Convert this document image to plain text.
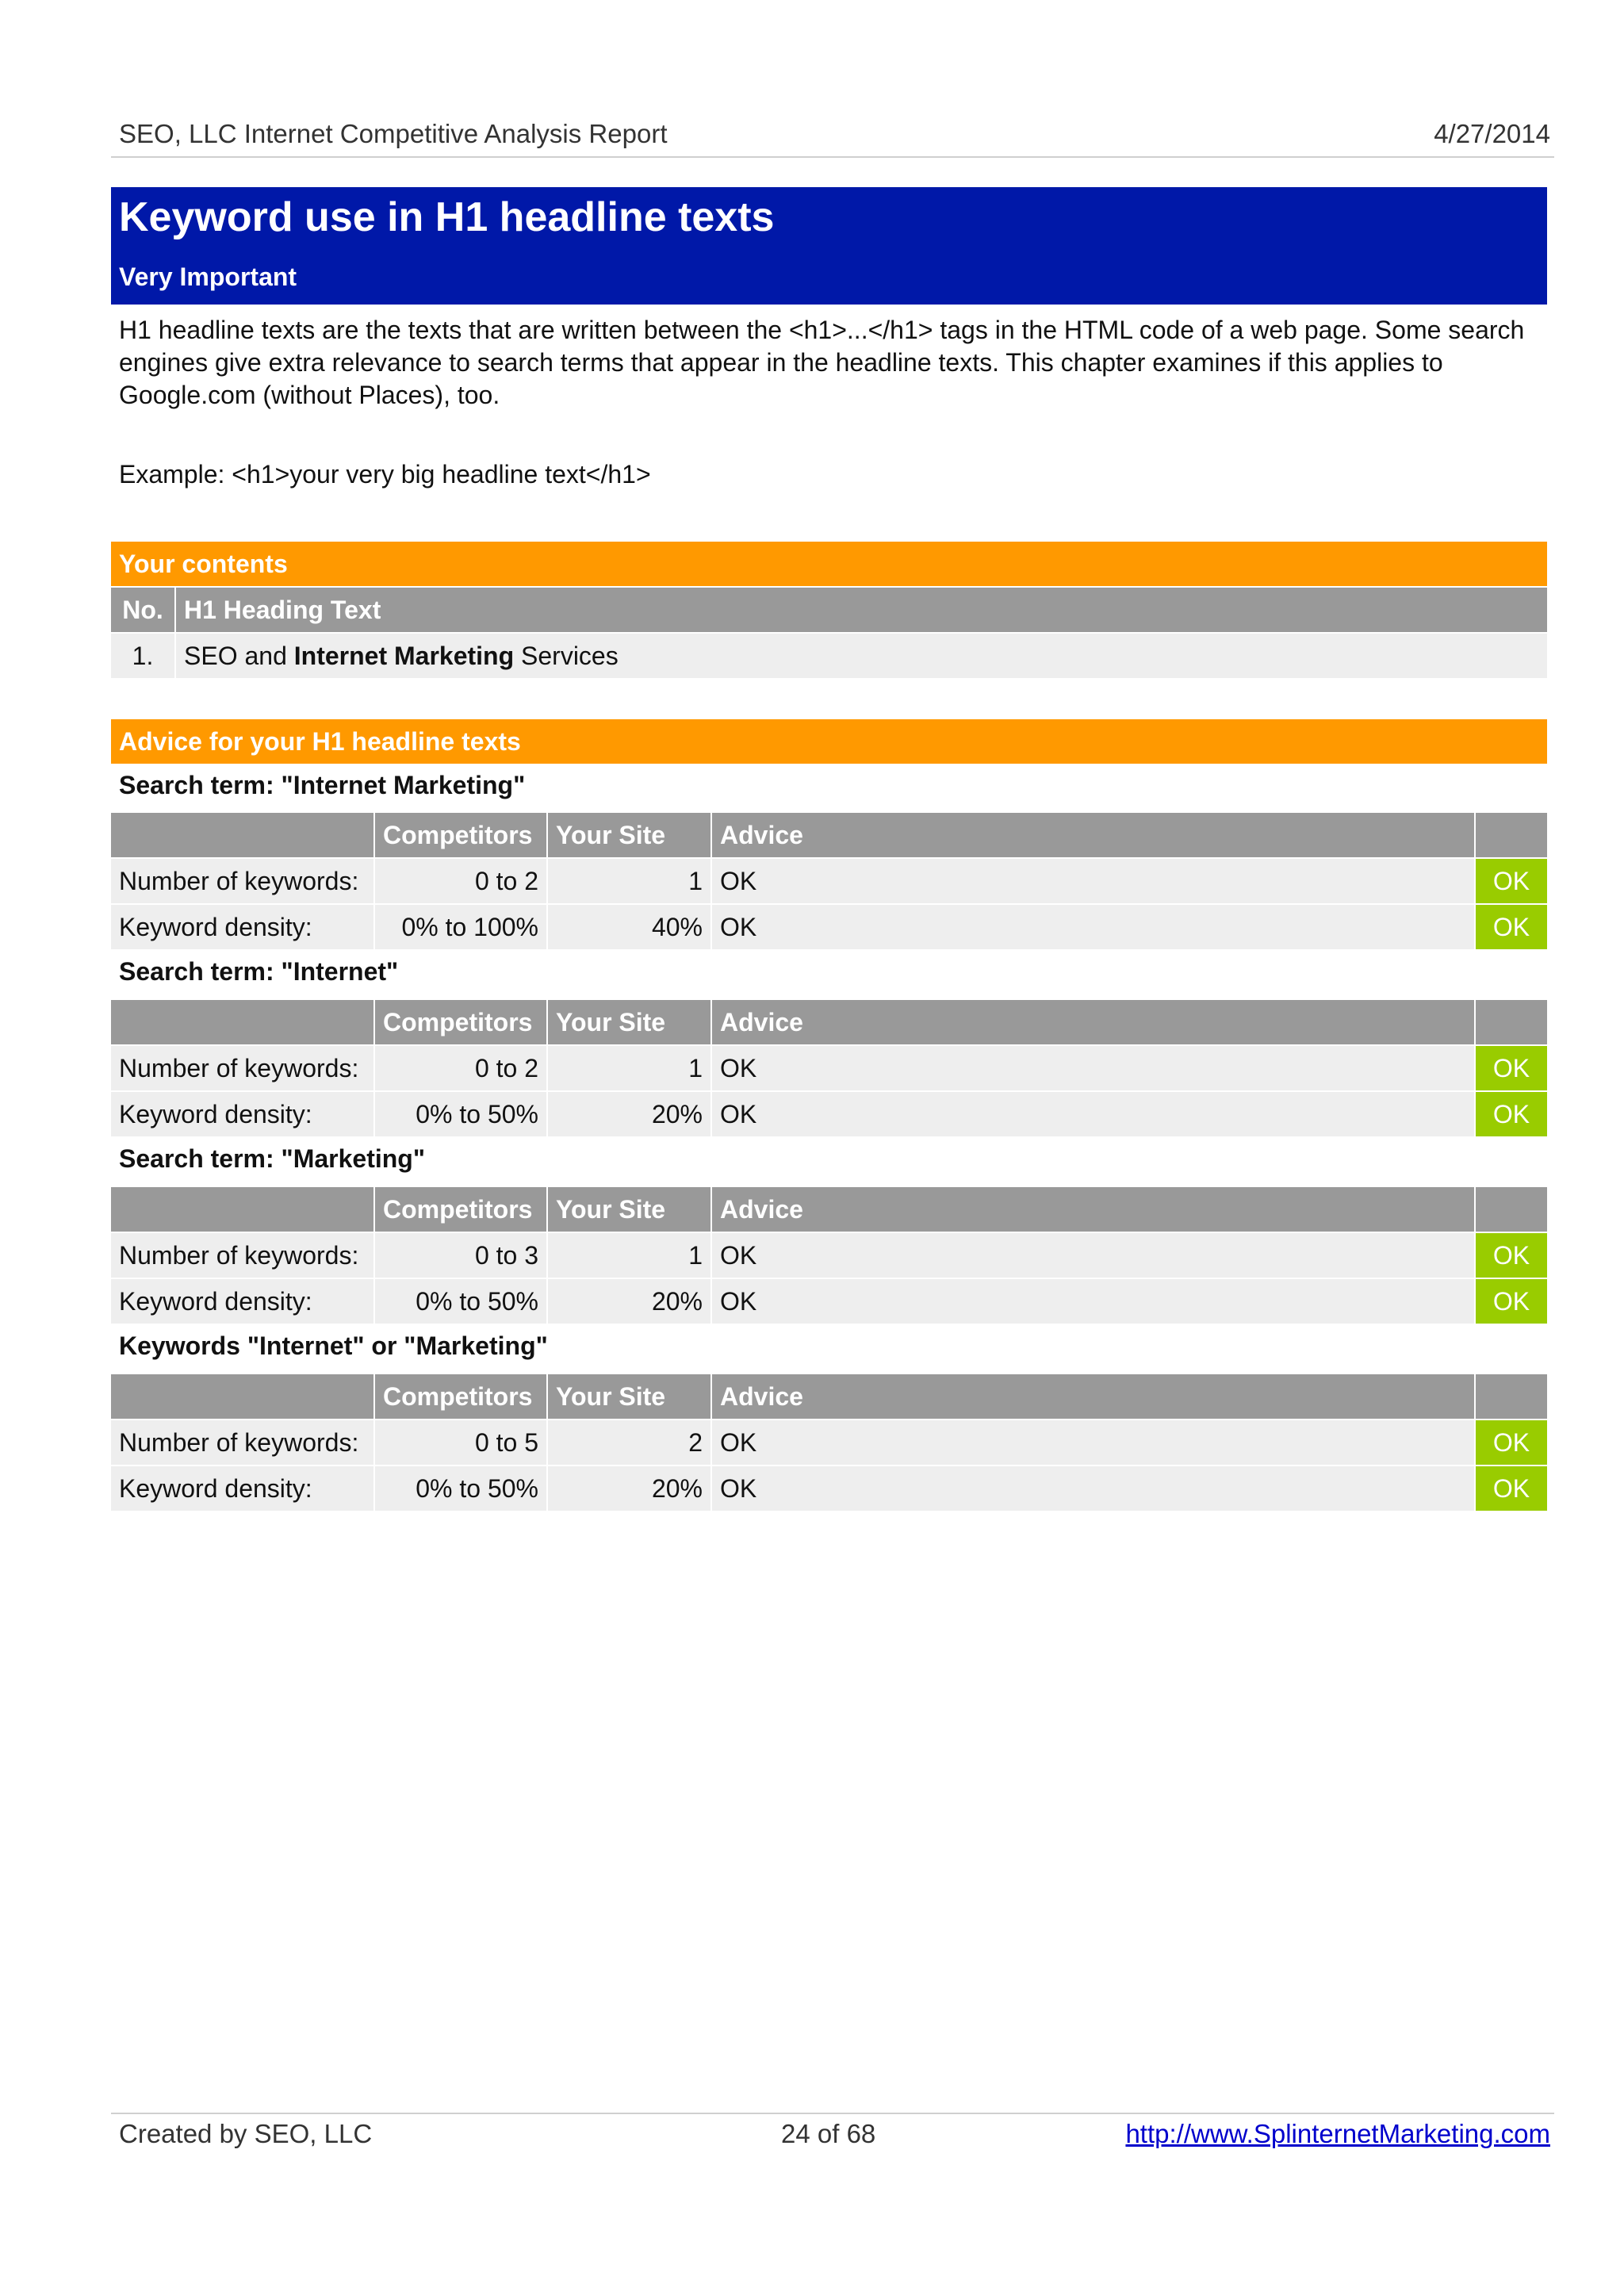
SEO, LLC Internet Competitive Analysis Report	4/27/2014
Keyword use in H1 headline texts
Very Important
H1 headline texts are the texts that are written between the <h1>...</h1> tags in the HTML code of a web page. Some search engines give extra relevance to search terms that appear in the headline texts. This chapter examines if this applies to Google.com (without Places), too.
Example: <h1>your very big headline text</h1>
Your contents
No. H1 Heading Text
1.	SEO and Internet Marketing Services
Advice for your H1 headline texts
Search term: "Internet Marketing"
Competitors Your Site	Advice
Number of keywords:	0 to 2	1 OK	OK
Keyword density:	0% to 100%	40% OK	OK
Search term: "Internet"
Competitors Your Site	Advice
Number of keywords:	0 to 2	1 OK	OK
Keyword density:	0% to 50%	20% OK	OK
Search term: "Marketing"
Competitors Your Site	Advice
Number of keywords:	0 to 3	1 OK	OK
Keyword density:	0% to 50%	20% OK	OK
Keywords "Internet" or "Marketing"
Competitors Your Site	Advice
Number of keywords:	0 to 5	2 OK	OK
Keyword density:	0% to 50%	20% OK	OK
Created by SEO, LLC	24 of 68	http://www.SplinternetMarketing.com
